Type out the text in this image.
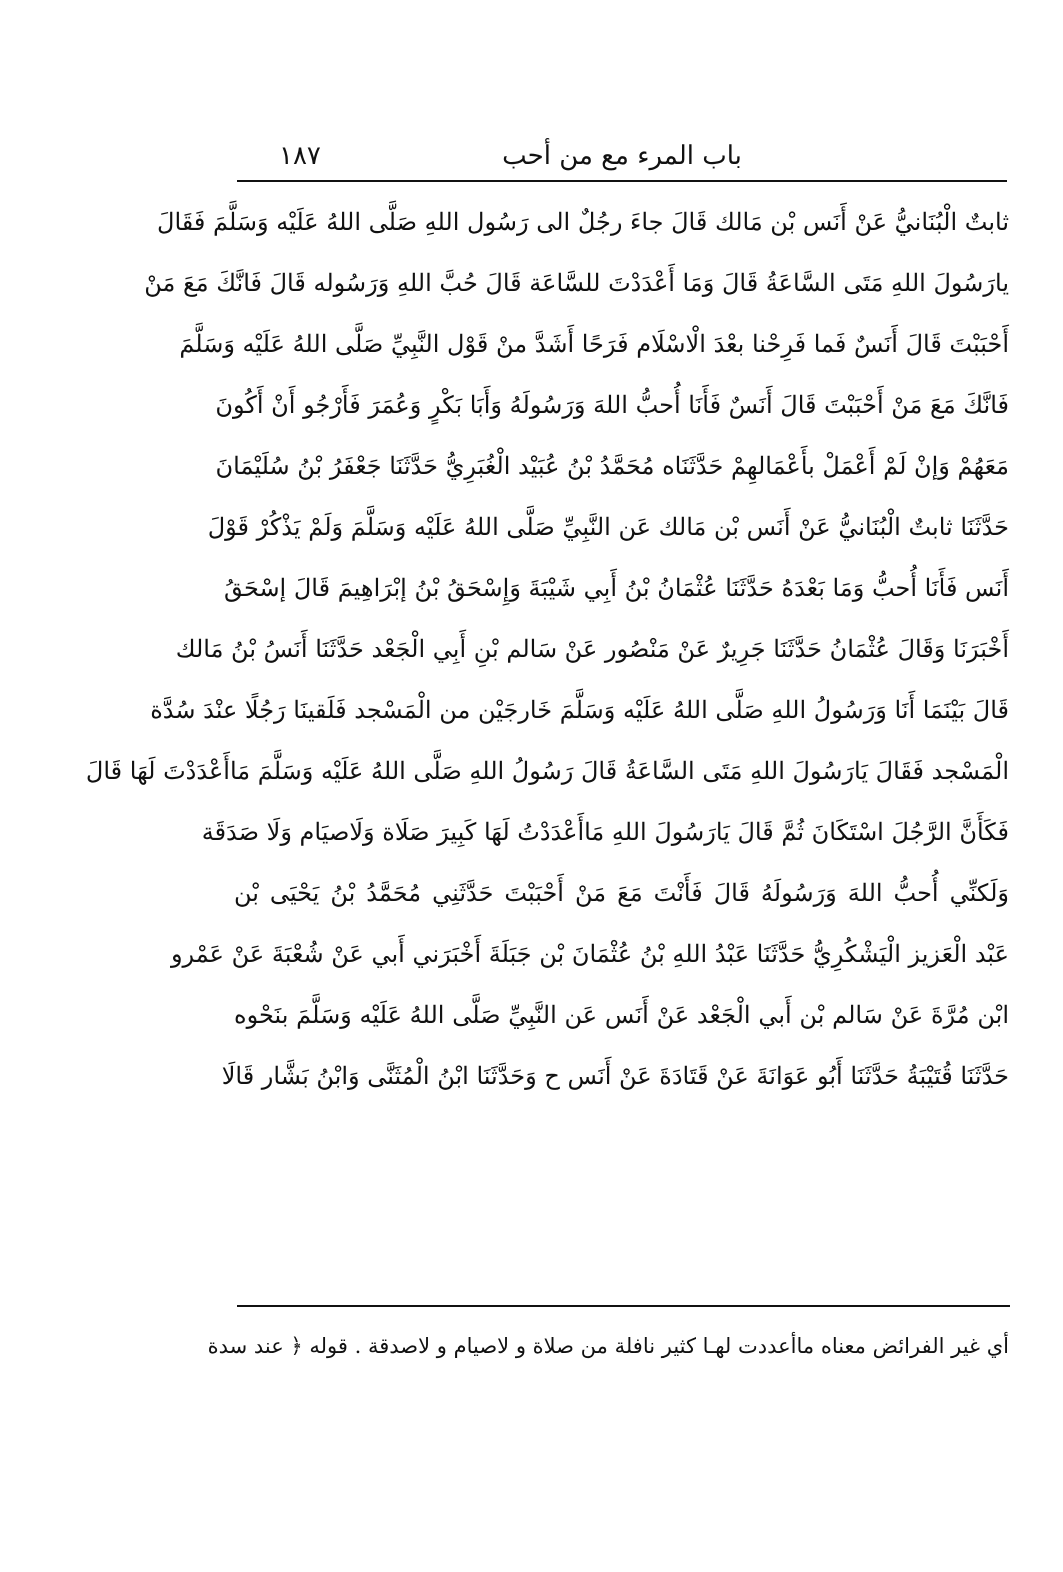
باب المرء مع من أحب
١٨٧
ثابتٌ الْبُنَانيُّ عَنْ أَنَس بْن مَالك قَالَ جاءَ رجُلٌ الى رَسُول اللهِ صَلَّى اللهُ عَلَيْه وَسَلَّمَ فَقَالَ
يارَسُولَ اللهِ مَتَى السَّاعَةُ قَالَ وَمَا أَعْدَدْتَ للسَّاعَة قَالَ حُبَّ اللهِ وَرَسُوله قَالَ فَانَّكَ مَعَ مَنْ
أَحْبَبْتَ قَالَ أَنَسٌ فَما فَرِحْنا بعْدَ الْاسْلَام فَرَحًا أَشَدَّ منْ قَوْل النَّبِيِّ صَلَّى اللهُ عَلَيْه وَسَلَّمَ
فَانَّكَ مَعَ مَنْ أَحْبَبْتَ قَالَ أَنَسٌ فَأَنَا أُحبُّ اللهَ وَرَسُولَهُ وَأَبَا بَكْرٍ وَعُمَرَ فَأَرْجُو أَنْ أَكُونَ
مَعَهُمْ وَإنْ لَمْ أَعْمَلْ بأَعْمَالهِمْ حَدَّثَنَاه مُحَمَّدُ بْنُ عُبَيْد الْغُبَرِيُّ حَدَّثَنَا جَعْفَرُ بْنُ سُلَيْمَانَ
حَدَّثَنَا ثابتٌ الْبُنَانيُّ عَنْ أَنَس بْن مَالك عَن النَّبِيِّ صَلَّى اللهُ عَلَيْه وَسَلَّمَ وَلَمْ يَذْكُرْ قَوْلَ
أَنَس فَأَنَا أُحبُّ وَمَا بَعْدَهُ حَدَّثَنَا عُثْمَانُ بْنُ أَبِي شَيْبَةَ وَإِسْحَقُ بْنُ إبْرَاهِيمَ قَالَ إسْحَقُ
أَخْبَرَنَا وَقَالَ عُثْمَانُ حَدَّثَنَا جَرِيرٌ عَنْ مَنْصُور عَنْ سَالم بْنِ أَبِي الْجَعْد حَدَّثَنَا أَنَسُ بْنُ مَالك
قَالَ بَيْنَمَا أَنَا وَرَسُولُ اللهِ صَلَّى اللهُ عَلَيْه وَسَلَّمَ خَارجَيْن من الْمَسْجد فَلَقينَا رَجُلًا عنْدَ سُدَّة
الْمَسْجد فَقَالَ يَارَسُولَ اللهِ مَتَى السَّاعَةُ قَالَ رَسُولُ اللهِ صَلَّى اللهُ عَلَيْه وَسَلَّمَ مَاأَعْدَدْتَ لَهَا قَالَ
فَكَأَنَّ الرَّجُلَ اسْتَكَانَ ثُمَّ قَالَ يَارَسُولَ اللهِ مَاأَعْدَدْتُ لَهَا كَبِيرَ صَلَاة وَلَاصيَام وَلَا صَدَقَة
وَلَكنِّي أُحبُّ اللهَ وَرَسُولَهُ قَالَ فَأَنْتَ مَعَ مَنْ أَحْبَبْتَ حَدَّثَنِي مُحَمَّدُ بْنُ يَحْيَى بْن
عَبْد الْعَزيز الْيَشْكُرِيُّ حَدَّثَنَا عَبْدُ اللهِ بْنُ عُثْمَانَ بْن جَبَلَةَ أَخْبَرَني أَبي عَنْ شُعْبَةَ عَنْ عَمْرو
ابْن مُرَّةَ عَنْ سَالم بْن أَبي الْجَعْد عَنْ أَنَس عَن النَّبِيِّ صَلَّى اللهُ عَلَيْه وَسَلَّمَ بنَحْوه
حَدَّثَنَا قُتَيْبَةُ حَدَّثَنَا أَبُو عَوَانَةَ عَنْ قَتَادَةَ عَنْ أَنَس ح وَحَدَّثَنَا ابْنُ الْمُثَنَّى وَابْنُ بَشَّار قَالَا
أي غير الفرائض معناه ماأعددت لهـا كثير نافلة من صلاة و لاصيام و لاصدقة . قوله ﴿ عند سدة
